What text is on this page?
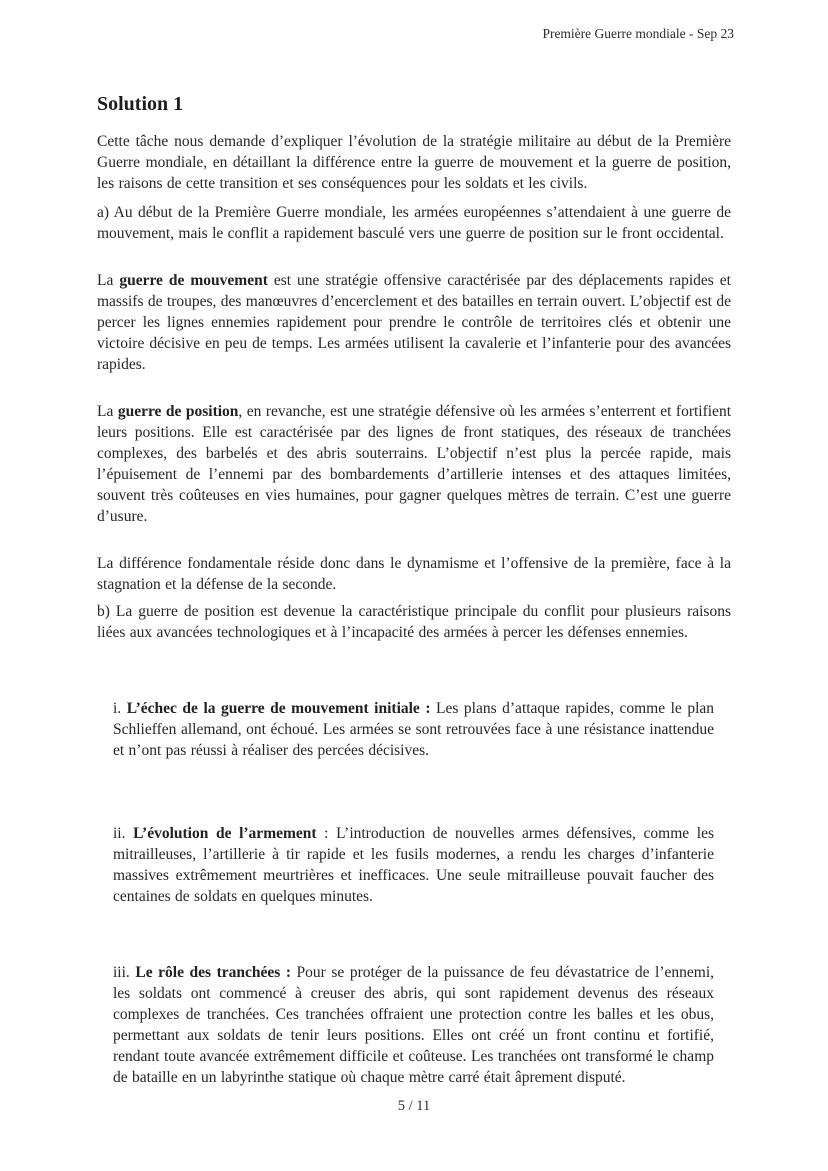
Première Guerre mondiale - Sep 23
Solution 1

Cette tâche nous demande d’expliquer l’évolution de la stratégie militaire au début de la Première Guerre mondiale, en détaillant la différence entre la guerre de mouvement et la guerre de position, les raisons de cette transition et ses conséquences pour les soldats et les civils.

a) Au début de la Première Guerre mondiale, les armées européennes s’attendaient à une guerre de mouvement, mais le conflit a rapidement basculé vers une guerre de position sur le front occidental.

La guerre de mouvement est une stratégie offensive caractérisée par des déplacements rapides et massifs de troupes, des manœuvres d’encerclement et des batailles en terrain ouvert. L’objectif est de percer les lignes ennemies rapidement pour prendre le contrôle de territoires clés et obtenir une victoire décisive en peu de temps. Les armées utilisent la cavalerie et l’infanterie pour des avancées rapides.

La guerre de position, en revanche, est une stratégie défensive où les armées s’enterrent et fortifient leurs positions. Elle est caractérisée par des lignes de front statiques, des réseaux de tranchées complexes, des barbelés et des abris souterrains. L’objectif n’est plus la percée rapide, mais l’épuisement de l’ennemi par des bombardements d’artillerie intenses et des attaques limitées, souvent très coûteuses en vies humaines, pour gagner quelques mètres de terrain. C’est une guerre d’usure.

La différence fondamentale réside donc dans le dynamisme et l’offensive de la première, face à la stagnation et la défense de la seconde.

b) La guerre de position est devenue la caractéristique principale du conflit pour plusieurs raisons liées aux avancées technologiques et à l’incapacité des armées à percer les défenses ennemies.

i. L’échec de la guerre de mouvement initiale : Les plans d’attaque rapides, comme le plan Schlieffen allemand, ont échoué. Les armées se sont retrouvées face à une résistance inattendue et n’ont pas réussi à réaliser des percées décisives.

ii. L’évolution de l’armement : L’introduction de nouvelles armes défensives, comme les mitrailleuses, l’artillerie à tir rapide et les fusils modernes, a rendu les charges d’infanterie massives extrêmement meurtrières et inefficaces. Une seule mitrailleuse pouvait faucher des centaines de soldats en quelques minutes.

iii. Le rôle des tranchées : Pour se protéger de la puissance de feu dévastatrice de l’ennemi, les soldats ont commencé à creuser des abris, qui sont rapidement devenus des réseaux complexes de tranchées. Ces tranchées offraient une protection contre les balles et les obus, permettant aux soldats de tenir leurs positions. Elles ont créé un front continu et fortifié, rendant toute avancée extrêmement difficile et coûteuse. Les tranchées ont transformé le champ de bataille en un labyrinthe statique où chaque mètre carré était âprement disputé.

5 / 11
